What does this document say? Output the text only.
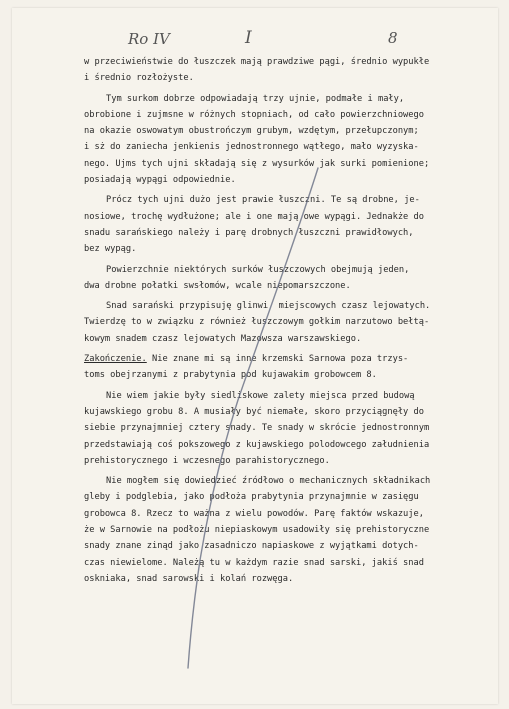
Ro IV	I	8
w przeciwieństwie do łuszczek mają prawdziwe pągi, średnio wypukłe
i średnio rozłożyste.
Tym surkom dobrze odpowiadają trzy ujnie, podmałe i mały,
obrobione i zujmsne w różnych stopniach, od cało powierzchniowego
na okazie oswowatym obustrończym grubym, wzdętym, przełupczonym;
i sż do zaniecha jenkienis jednostronnego wątłego, mało wyzyska-
nego. Ujms tych ujni składają się z wysurków jak surki pomienione;
posiadają wypągi odpowiednie.
Prócz tych ujni dużo jest prawie łuszczni. Te są drobne, je-
nosiowe, trochę wydłużone; ale i one mają owe wypągi. Jednakże do
snadu sarańskiego należy i parę drobnych łuszczni prawidłowych,
bez wypąg.
Powierzchnie niektórych surków łuszczowych obejmują jeden,
dwa drobne połatki swsłomów, wcale niepomarszczone.
Snad sarański przypisuję glinwi  miejscowych czasz lejowatych.
Twierdzę to w związku z również łuszczowym gołkim narzutowo bełtą-
kowym snadem czasz lejowatych Mazowsza warszawskiego.
Zakończenie. Nie znane mi są inne krzemski Sarnowa poza trzys-
toms obejrzanymi z prabytynia pod kujawakim grobowcem 8.
Nie wiem jakie były siedliskowe zalety miejsca przed budową
kujawskiego grobu 8. A musiały być niemałe, skoro przyciągnęły do
siebie przynajmniej cztery snady. Te snady w skrócie jednostronnym
przedstawiają coś pokszowego z kujawskiego polodowcego załudnienia
prehistorycznego i wczesnego parahistorycznego.
Nie mogłem się dowiedzieć źródłowo o mechanicznych składnikach
gleby i podglebia, jako podłoża prabytynia przynajmnie w zasięgu
grobowca 8. Rzecz to ważna z wielu powodów. Parę faktów wskazuje,
że w Sarnowie na podłożu niepiaskowym usadowiły się prehistoryczne
snady znane zinąd jako zasadniczo napiaskowe z wyjątkami dotych-
czas niewielome. Należą tu w każdym razie snad sarski, jakiś snad
oskniaka, snad sarowski i kolań rozwęga.
